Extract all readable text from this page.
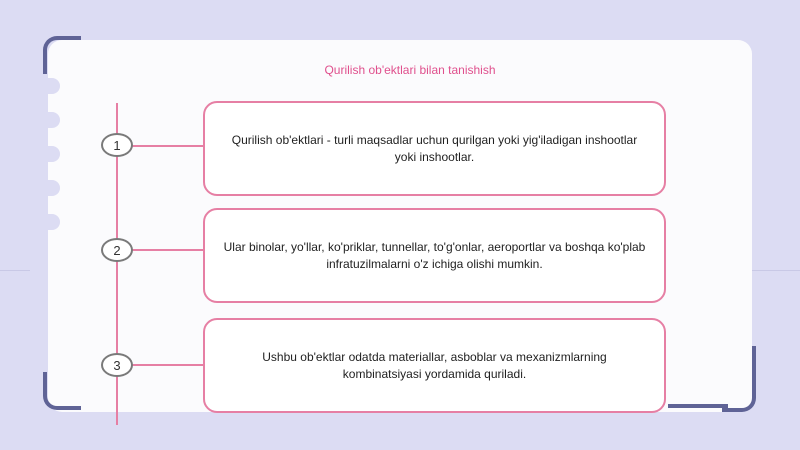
Qurilish ob'ektlari bilan tanishish
1	Qurilish ob'ektlari - turli maqsadlar uchun qurilgan yoki yig'iladigan inshootlar yoki inshootlar.
2	Ular binolar, yo'llar, ko'priklar, tunnellar, to'g'onlar, aeroportlar va boshqa ko'plab infratuzilmalarni o'z ichiga olishi mumkin.
3
Ushbu ob'ektlar odatda materiallar, asboblar va mexanizmlarning kombinatsiyasi yordamida quriladi.
